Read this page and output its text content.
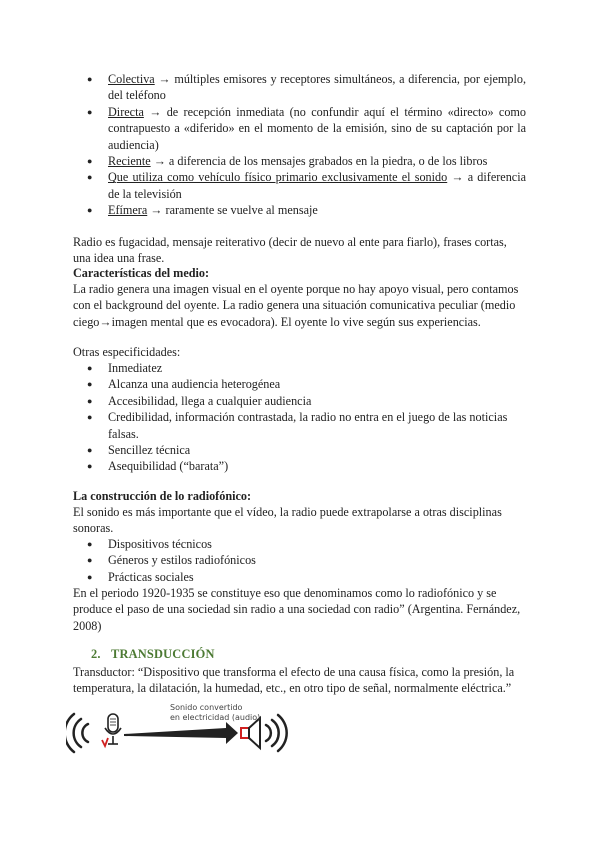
● Colectiva → múltiples emisores y receptores simultáneos, a diferencia, por ejemplo, del teléfono
● Directa → de recepción inmediata (no confundir aquí el término «directo» como contrapuesto a «diferido» en el momento de la emisión, sino de su captación por la audiencia)
● Reciente → a diferencia de los mensajes grabados en la piedra, o de los libros
● Que utiliza como vehículo físico primario exclusivamente el sonido → a diferencia de la televisión
● Efímera → raramente se vuelve al mensaje
Radio es fugacidad, mensaje reiterativo (decir de nuevo al ente para fiarlo), frases cortas, una idea una frase.
Características del medio:
La radio genera una imagen visual en el oyente porque no hay apoyo visual, pero contamos con el background del oyente. La radio genera una situación comunicativa peculiar (medio ciego→imagen mental que es evocadora). El oyente lo vive según sus experiencias.
Otras especificidades:
● Inmediatez
● Alcanza una audiencia heterogénea
● Accesibilidad, llega a cualquier audiencia
● Credibilidad, información contrastada, la radio no entra en el juego de las noticias falsas.
● Sencillez técnica
● Asequibilidad (“barata”)
La construcción de lo radiofónico:
El sonido es más importante que el vídeo, la radio puede extrapolarse a otras disciplinas sonoras.
● Dispositivos técnicos
● Géneros y estilos radiofónicos
● Prácticas sociales
En el periodo 1920-1935 se constituye eso que denominamos como lo radiofónico y se produce el paso de una sociedad sin radio a una sociedad con radio” (Argentina. Fernández, 2008)
2. TRANSDUCCIÓN
Transductor: “Dispositivo que transforma el efecto de una causa física, como la presión, la temperatura, la dilatación, la humedad, etc., en otro tipo de señal, normalmente eléctrica.”
Sonido convertido
en electricidad (audio)
